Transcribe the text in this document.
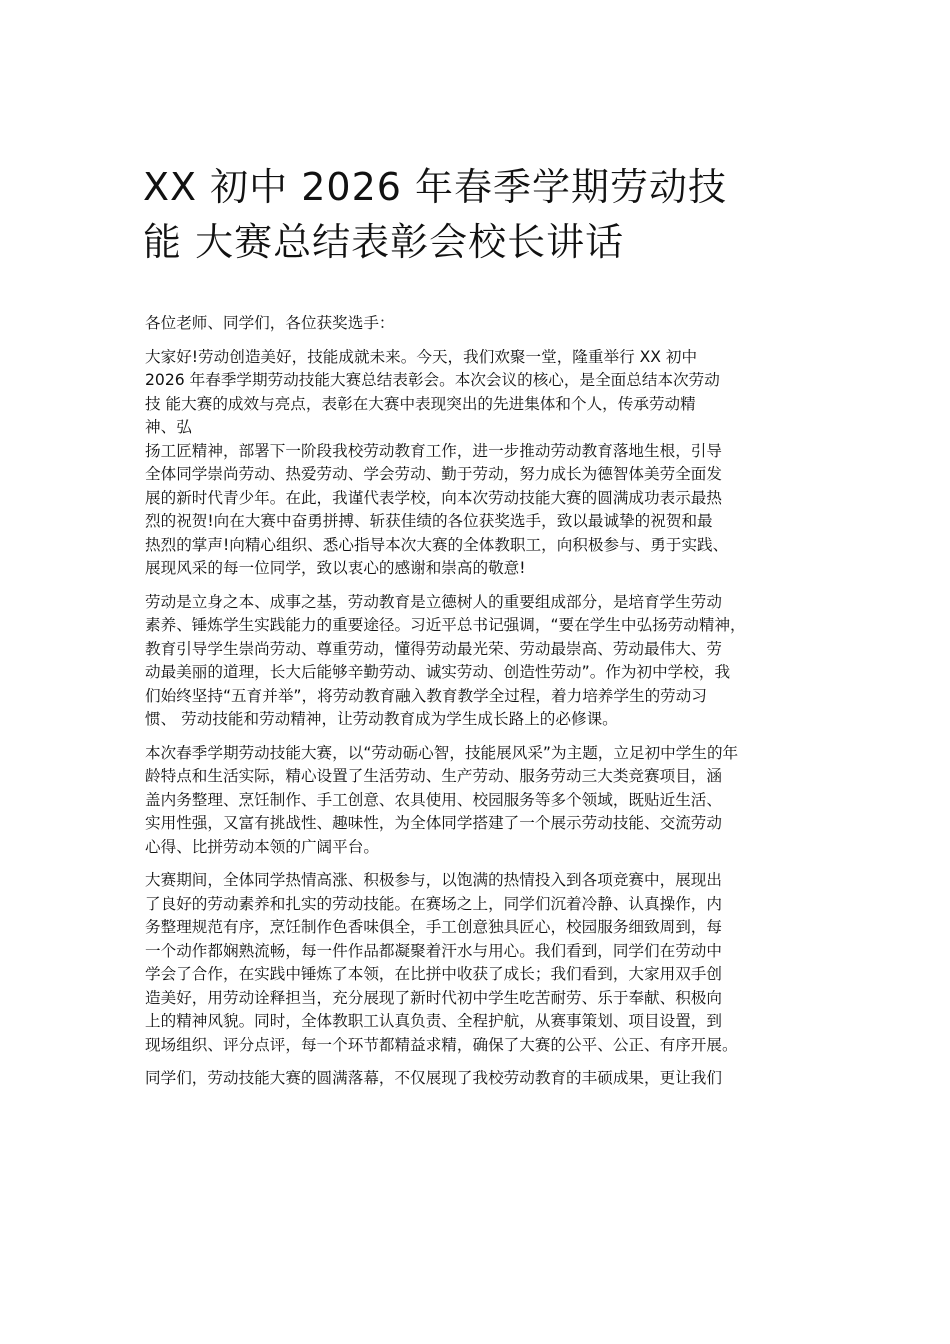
XX 初中 2026 年春季学期劳动技
能 大赛总结表彰会校长讲话
各位老师、同学们，各位获奖选手：
大家好!劳动创造美好，技能成就未来。今天，我们欢聚一堂，隆重举行 XX 初中
2026 年春季学期劳动技能大赛总结表彰会。本次会议的核心，是全面总结本次劳动
技 能大赛的成效与亮点，表彰在大赛中表现突出的先进集体和个人，传承劳动精
神、弘
扬工匠精神，部署下一阶段我校劳动教育工作，进一步推动劳动教育落地生根，引导
全体同学崇尚劳动、热爱劳动、学会劳动、勤于劳动，努力成长为德智体美劳全面发
展的新时代青少年。在此，我谨代表学校，向本次劳动技能大赛的圆满成功表示最热
烈的祝贺!向在大赛中奋勇拼搏、斩获佳绩的各位获奖选手，致以最诚挚的祝贺和最
热烈的掌声!向精心组织、悉心指导本次大赛的全体教职工，向积极参与、勇于实践、
展现风采的每一位同学，致以衷心的感谢和崇高的敬意!
劳动是立身之本、成事之基，劳动教育是立德树人的重要组成部分，是培育学生劳动
素养、锤炼学生实践能力的重要途径。习近平总书记强调，“要在学生中弘扬劳动精神，
教育引导学生崇尚劳动、尊重劳动，懂得劳动最光荣、劳动最崇高、劳动最伟大、劳
动最美丽的道理，长大后能够辛勤劳动、诚实劳动、创造性劳动”。作为初中学校，我
们始终坚持“五育并举”，将劳动教育融入教育教学全过程，着力培养学生的劳动习
惯、 劳动技能和劳动精神，让劳动教育成为学生成长路上的必修课。
本次春季学期劳动技能大赛，以“劳动砺心智，技能展风采”为主题，立足初中学生的年
龄特点和生活实际，精心设置了生活劳动、生产劳动、服务劳动三大类竞赛项目，涵
盖内务整理、烹饪制作、手工创意、农具使用、校园服务等多个领域，既贴近生活、
实用性强，又富有挑战性、趣味性，为全体同学搭建了一个展示劳动技能、交流劳动
心得、比拼劳动本领的广阔平台。
大赛期间，全体同学热情高涨、积极参与，以饱满的热情投入到各项竞赛中，展现出
了良好的劳动素养和扎实的劳动技能。在赛场之上，同学们沉着冷静、认真操作，内
务整理规范有序，烹饪制作色香味俱全，手工创意独具匠心，校园服务细致周到，每
一个动作都娴熟流畅，每一件作品都凝聚着汗水与用心。我们看到，同学们在劳动中
学会了合作，在实践中锤炼了本领，在比拼中收获了成长；我们看到，大家用双手创
造美好，用劳动诠释担当，充分展现了新时代初中学生吃苦耐劳、乐于奉献、积极向
上的精神风貌。同时，全体教职工认真负责、全程护航，从赛事策划、项目设置，到
现场组织、评分点评，每一个环节都精益求精，确保了大赛的公平、公正、有序开展。
同学们，劳动技能大赛的圆满落幕，不仅展现了我校劳动教育的丰硕成果，更让我们
